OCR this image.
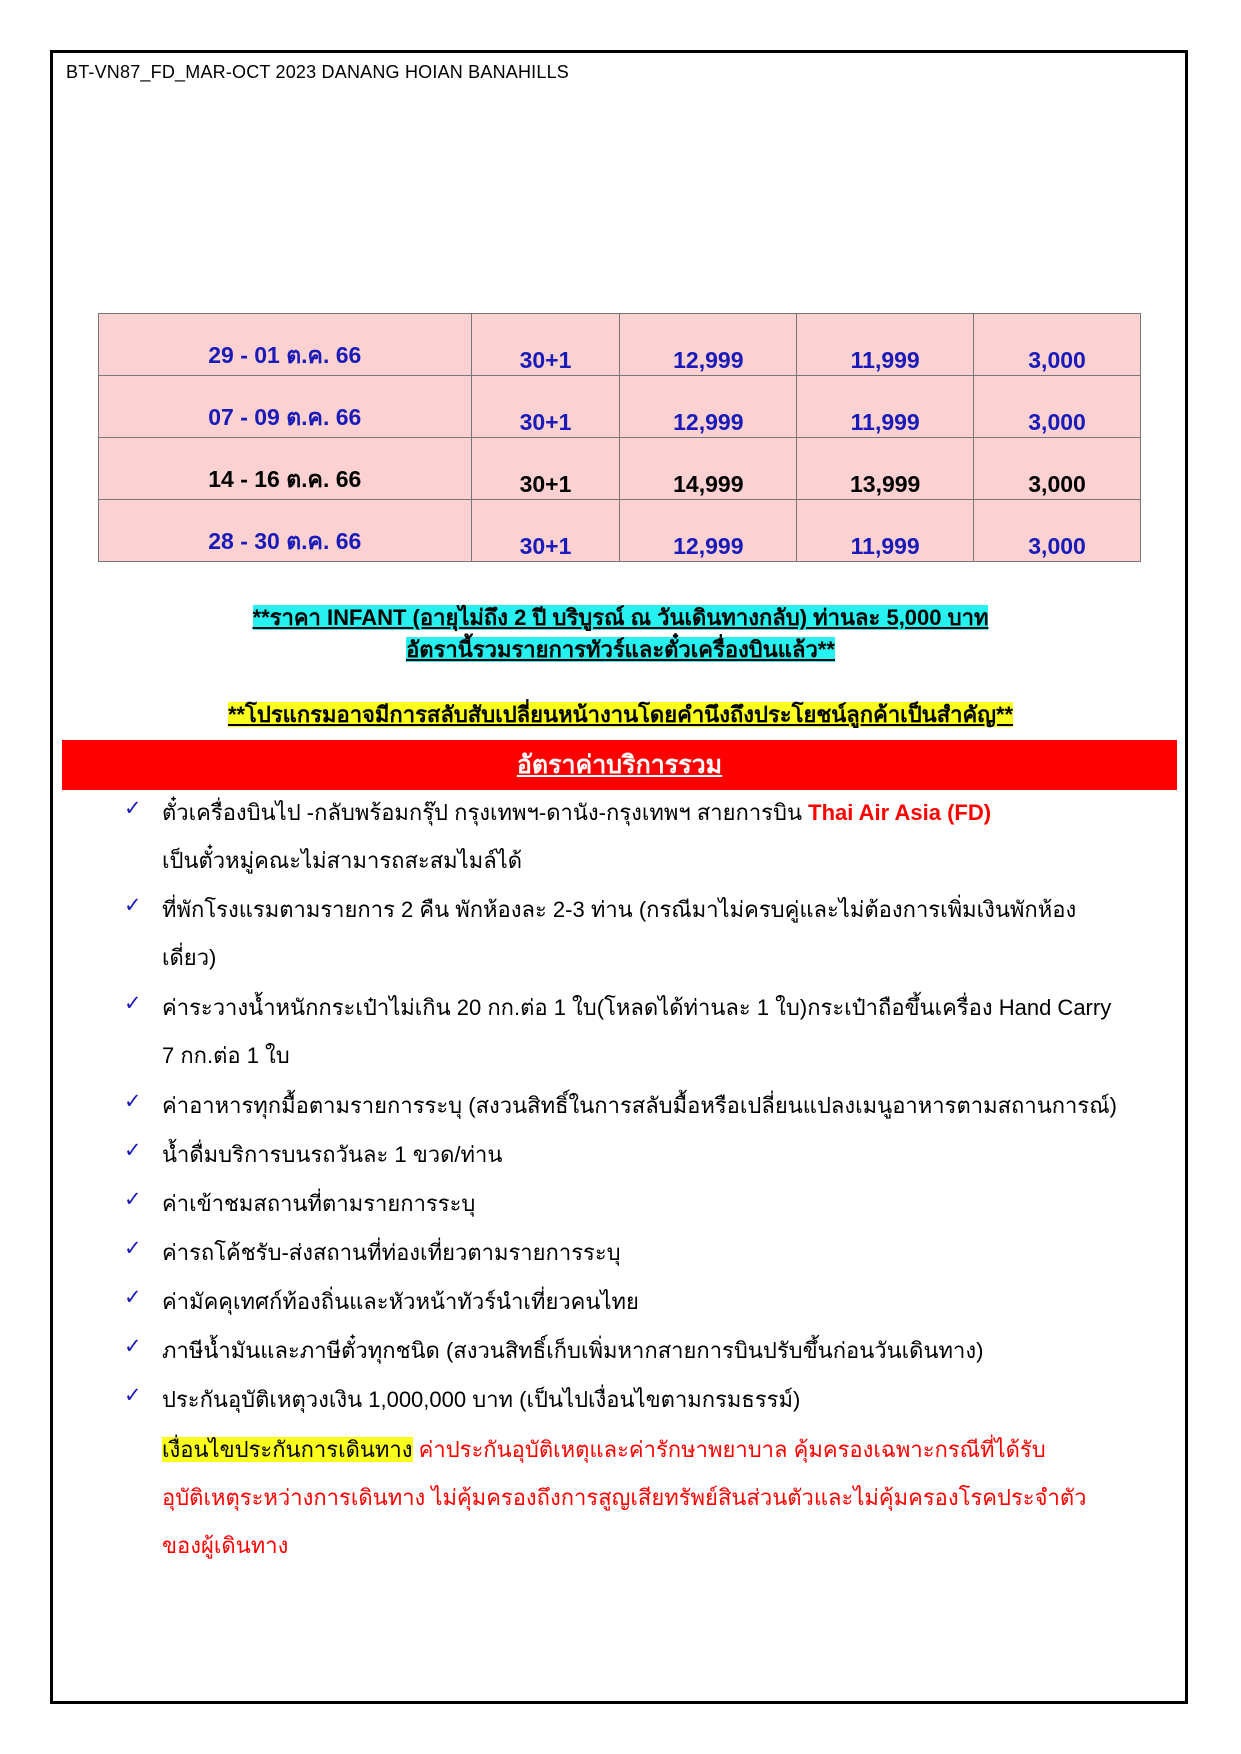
BT-VN87_FD_MAR-OCT 2023 DANANG HOIAN BANAHILLS
29 - 01 ต.ค. 66	30+1	12,999	11,999	3,000
07 - 09 ต.ค. 66	30+1	12,999	11,999	3,000
14 - 16 ต.ค. 66	30+1	14,999	13,999	3,000
28 - 30 ต.ค. 66	30+1	12,999	11,999	3,000
**ราคา INFANT (อายุไม่ถึง 2 ปี บริบูรณ์ ณ วันเดินทางกลับ) ท่านละ 5,000 บาท
อัตรานี้รวมรายการทัวร์และตั๋วเครื่องบินแล้ว**
**โปรแกรมอาจมีการสลับสับเปลี่ยนหน้างานโดยคำนึงถึงประโยชน์ลูกค้าเป็นสำคัญ**
อัตราค่าบริการรวม
✓ ตั๋วเครื่องบินไป -กลับพร้อมกรุ๊ป กรุงเทพฯ-ดานัง-กรุงเทพฯ สายการบิน Thai Air Asia (FD)
เป็นตั๋วหมู่คณะไม่สามารถสะสมไมล์ได้
✓ ที่พักโรงแรมตามรายการ 2 คืน พักห้องละ 2-3 ท่าน (กรณีมาไม่ครบคู่และไม่ต้องการเพิ่มเงินพักห้อง
เดี่ยว)
✓ ค่าระวางน้ำหนักกระเป๋าไม่เกิน 20 กก.ต่อ 1 ใบ(โหลดได้ท่านละ 1 ใบ)กระเป๋าถือขึ้นเครื่อง Hand Carry
7 กก.ต่อ 1 ใบ
✓ ค่าอาหารทุกมื้อตามรายการระบุ (สงวนสิทธิ์ในการสลับมื้อหรือเปลี่ยนแปลงเมนูอาหารตามสถานการณ์)
✓ น้ำดื่มบริการบนรถวันละ 1 ขวด/ท่าน
✓ ค่าเข้าชมสถานที่ตามรายการระบุ
✓ ค่ารถโค้ชรับ-ส่งสถานที่ท่องเที่ยวตามรายการระบุ
✓ ค่ามัคคุเทศก์ท้องถิ่นและหัวหน้าทัวร์นำเที่ยวคนไทย
✓ ภาษีน้ำมันและภาษีตั๋วทุกชนิด (สงวนสิทธิ์เก็บเพิ่มหากสายการบินปรับขึ้นก่อนวันเดินทาง)
✓ ประกันอุบัติเหตุวงเงิน 1,000,000 บาท (เป็นไปเงื่อนไขตามกรมธรรม์)
เงื่อนไขประกันการเดินทาง ค่าประกันอุบัติเหตุและค่ารักษาพยาบาล คุ้มครองเฉพาะกรณีที่ได้รับ
อุบัติเหตุระหว่างการเดินทาง ไม่คุ้มครองถึงการสูญเสียทรัพย์สินส่วนตัวและไม่คุ้มครองโรคประจำตัว
ของผู้เดินทาง
